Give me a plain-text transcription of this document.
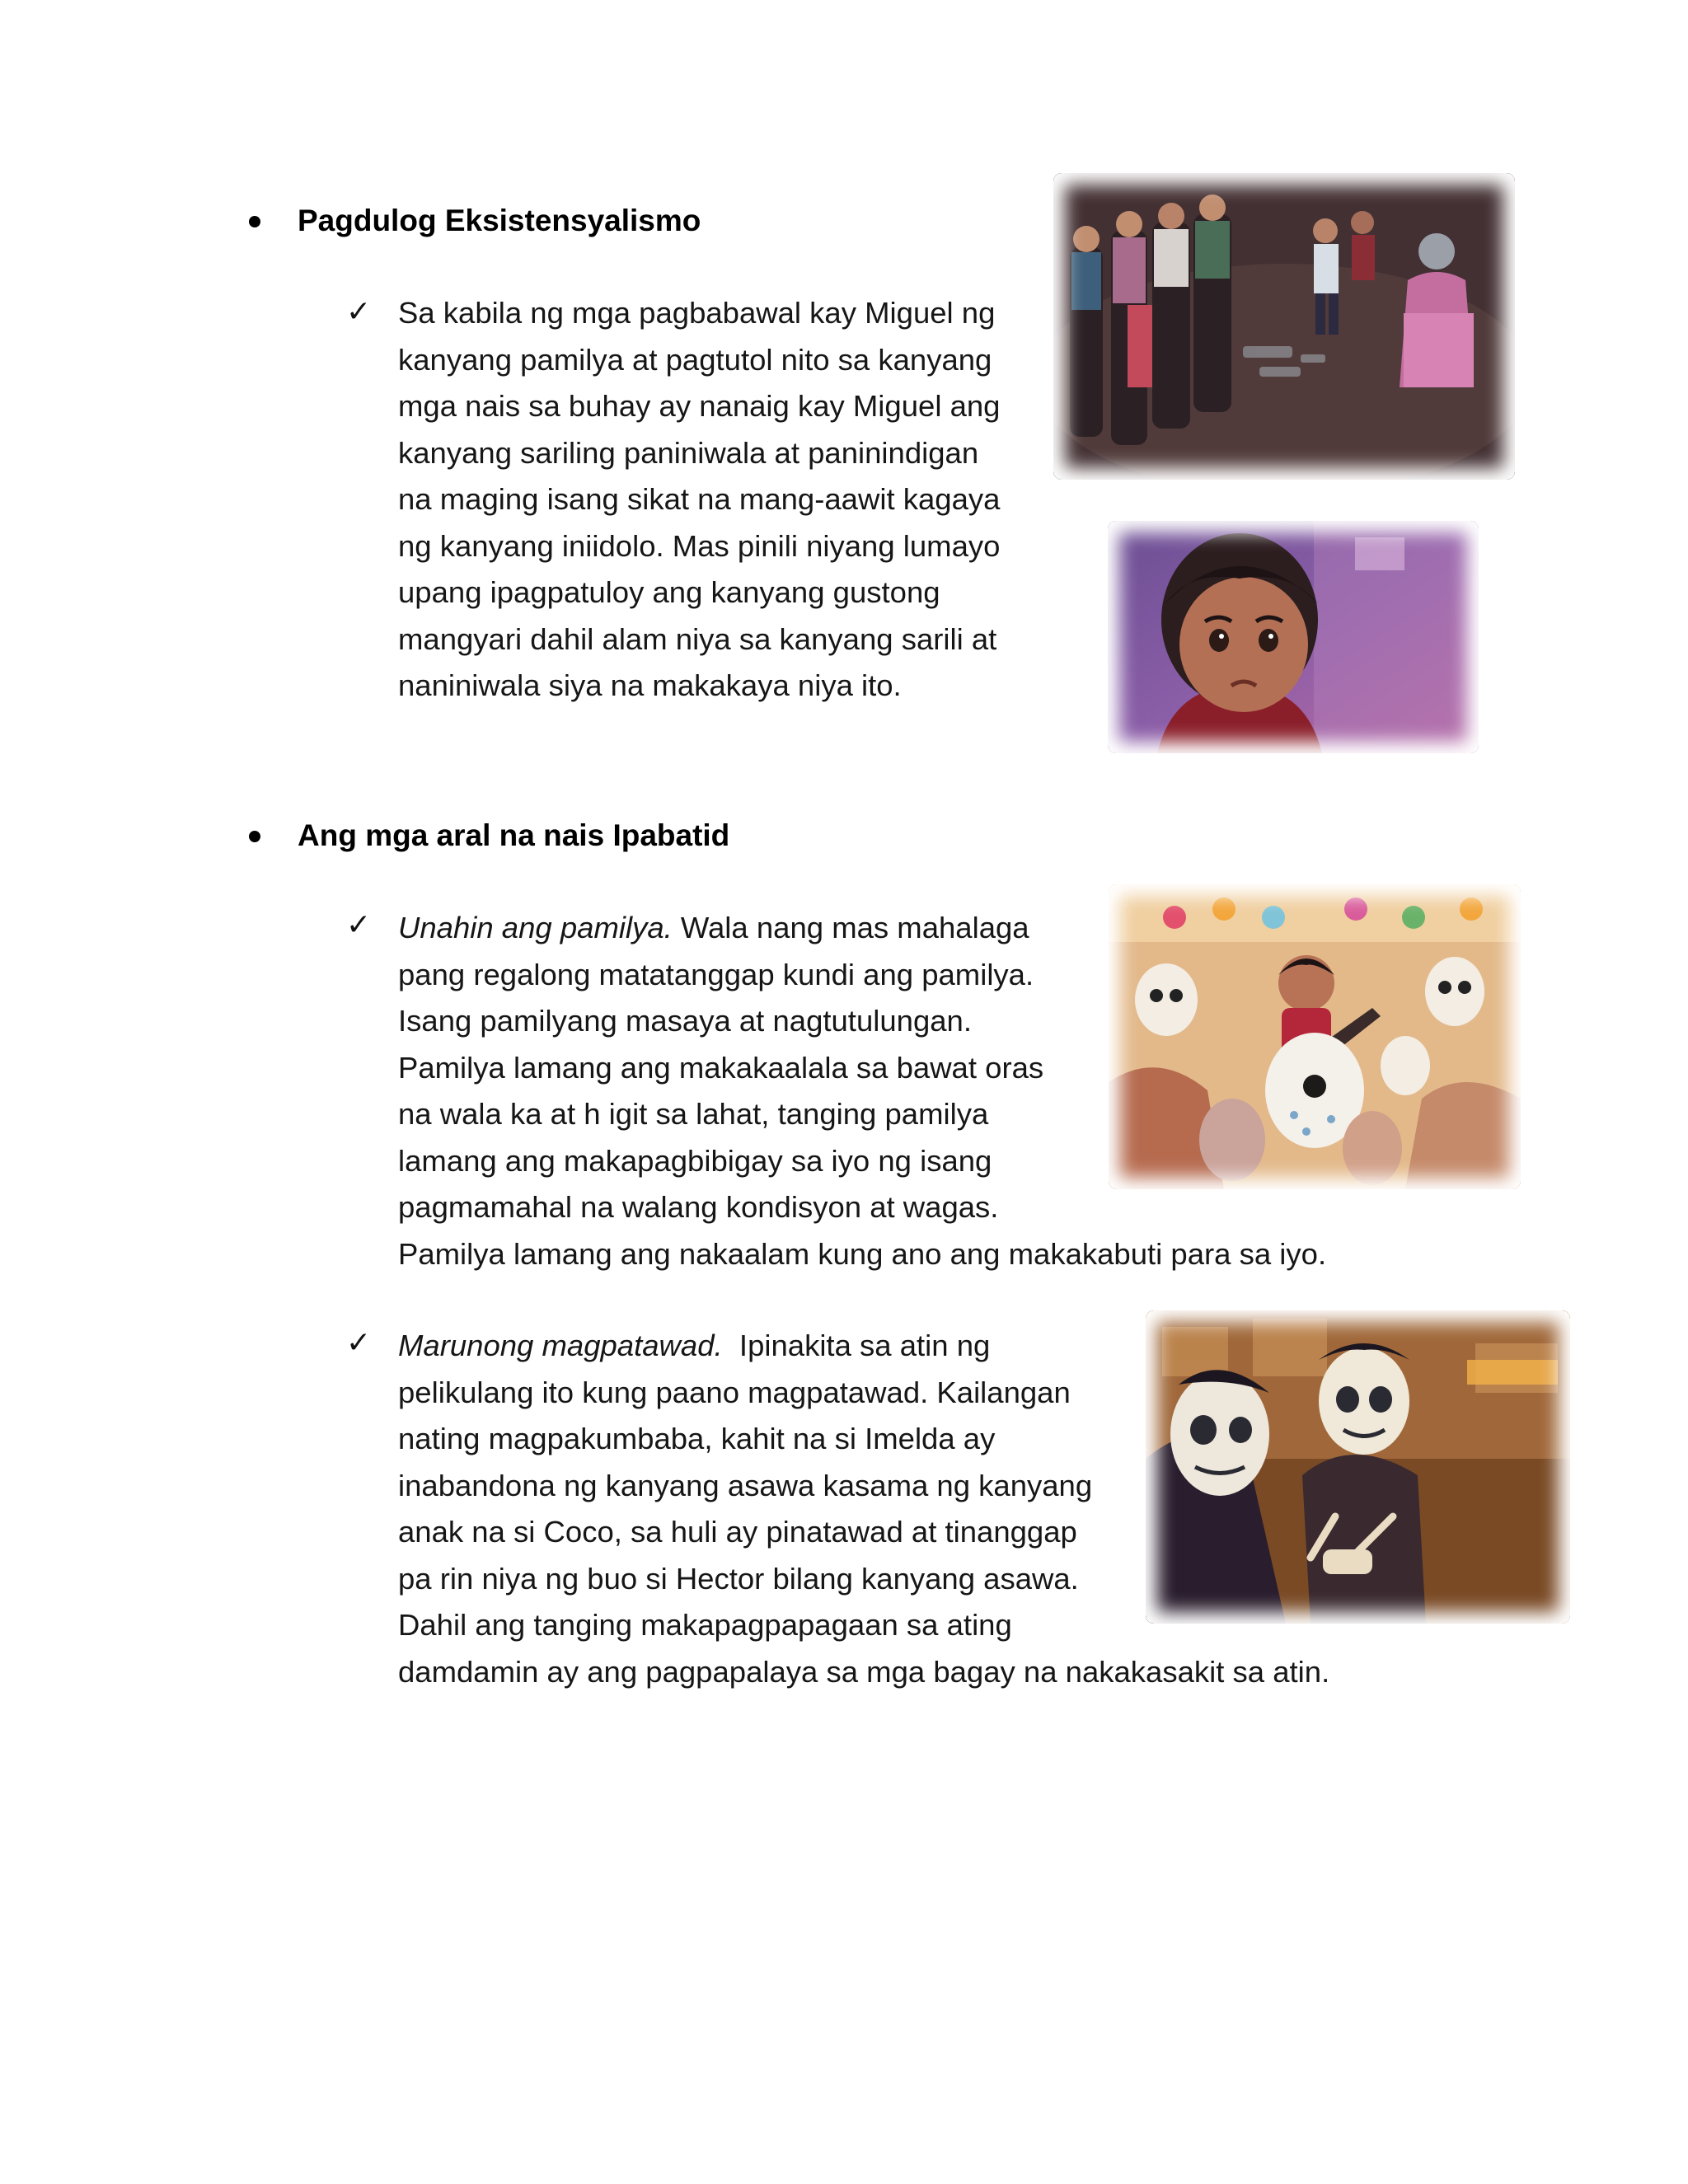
Pagdulog Eksistensyalismo
✓ Sa kabila ng mga pagbabawal kay Miguel ng
kanyang pamilya at pagtutol nito sa kanyang
mga nais sa buhay ay nanaig kay Miguel ang
kanyang sariling paniniwala at paninindigan
na maging isang sikat na mang-aawit kagaya
ng kanyang iniidolo. Mas pinili niyang lumayo
upang ipagpatuloy ang kanyang gustong
mangyari dahil alam niya sa kanyang sarili at
naniniwala siya na makakaya niya ito.
Ang mga aral na nais Ipabatid
✓ Unahin ang pamilya. Wala nang mas mahalaga
pang regalong matatanggap kundi ang pamilya.
Isang pamilyang masaya at nagtutulungan.
Pamilya lamang ang makakaalala sa bawat oras
na wala ka at h igit sa lahat, tanging pamilya
lamang ang makapagbibigay sa iyo ng isang
pagmamahal na walang kondisyon at wagas.
Pamilya lamang ang nakaalam kung ano ang makakabuti para sa iyo.
✓ Marunong magpatawad.  Ipinakita sa atin ng
pelikulang ito kung paano magpatawad. Kailangan
nating magpakumbaba, kahit na si Imelda ay
inabandona ng kanyang asawa kasama ng kanyang
anak na si Coco, sa huli ay pinatawad at tinanggap
pa rin niya ng buo si Hector bilang kanyang asawa.
Dahil ang tanging makapagpapagaan sa ating
damdamin ay ang pagpapalaya sa mga bagay na nakakasakit sa atin.
